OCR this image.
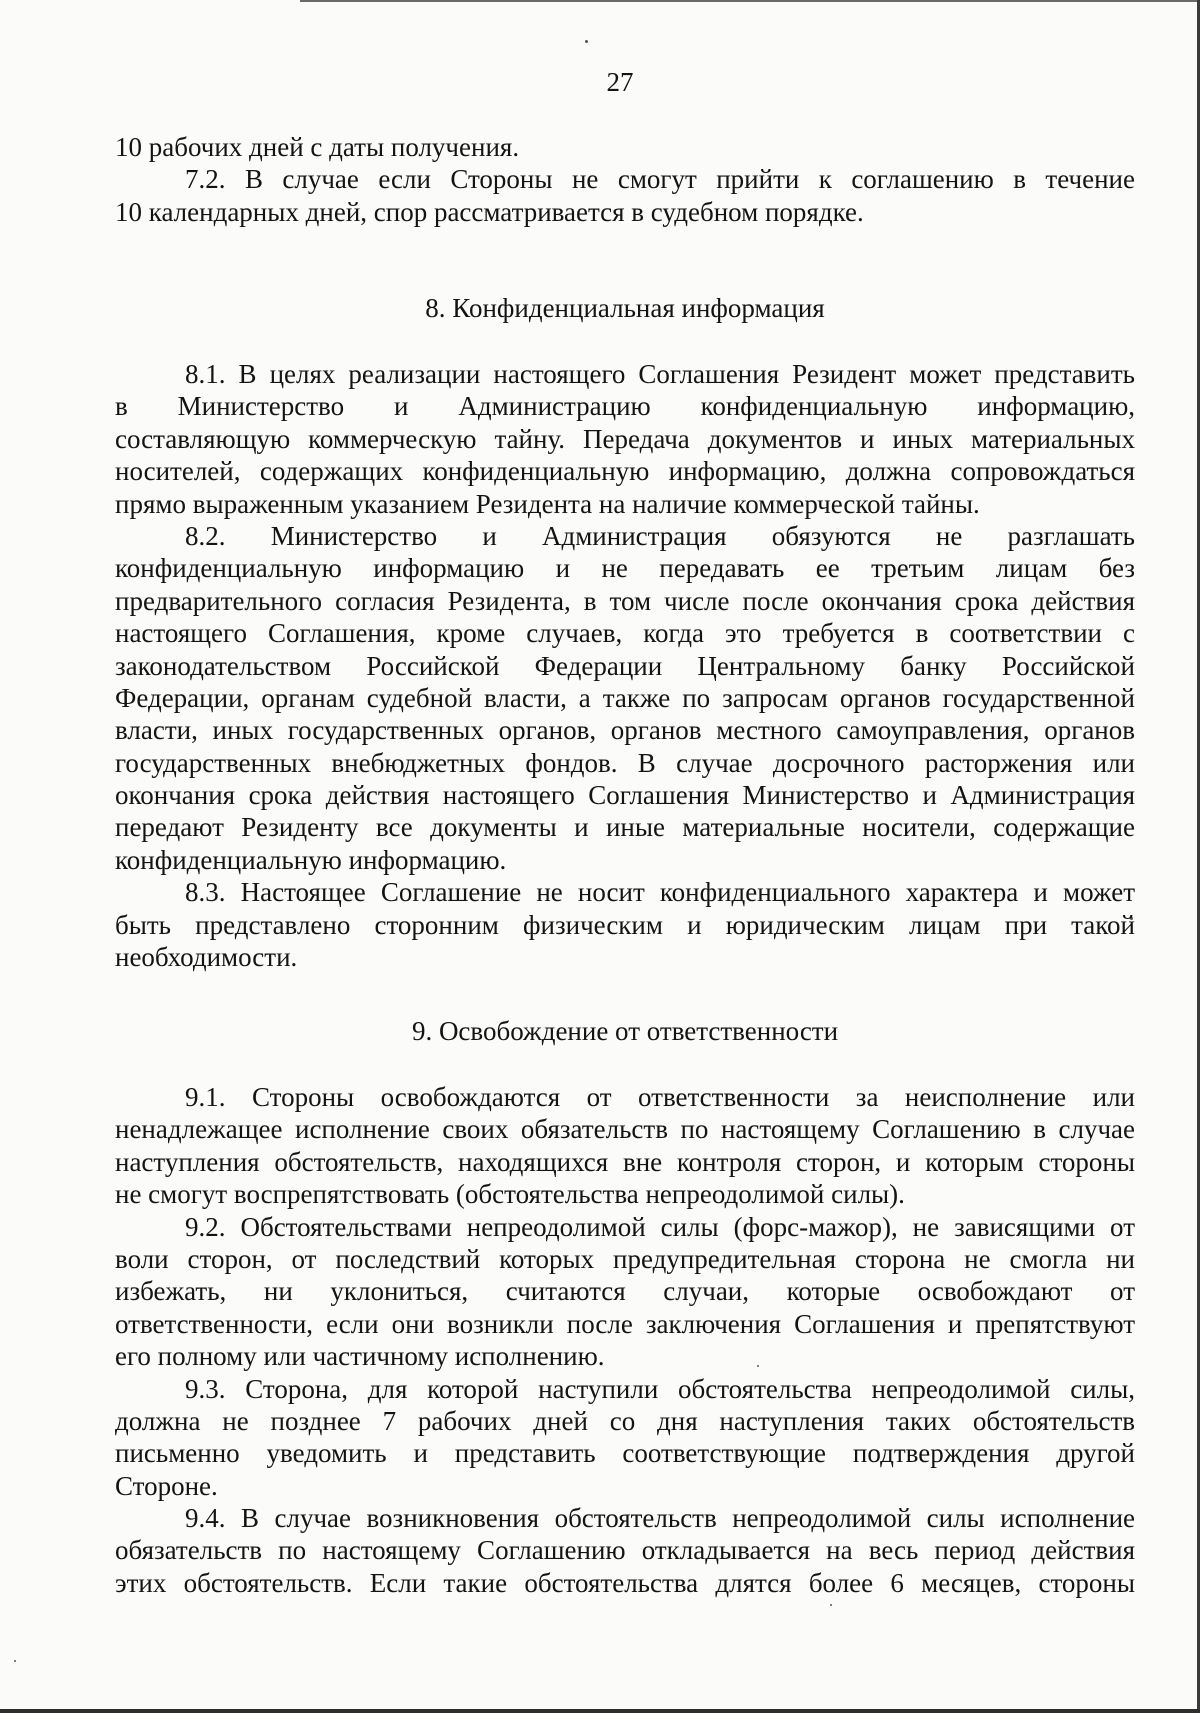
27
10 рабочих дней с даты получения.
7.2. В случае если Стороны не смогут прийти к соглашению в течение
10 календарных дней, спор рассматривается в судебном порядке.
8. Конфиденциальная информация
8.1. В целях реализации настоящего Соглашения Резидент может представить
в Министерство и Администрацию конфиденциальную информацию,
составляющую коммерческую тайну. Передача документов и иных материальных
носителей, содержащих конфиденциальную информацию, должна сопровождаться
прямо выраженным указанием Резидента на наличие коммерческой тайны.
8.2. Министерство и Администрация обязуются не разглашать
конфиденциальную информацию и не передавать ее третьим лицам без
предварительного согласия Резидента, в том числе после окончания срока действия
настоящего Соглашения, кроме случаев, когда это требуется в соответствии с
законодательством Российской Федерации Центральному банку Российской
Федерации, органам судебной власти, а также по запросам органов государственной
власти, иных государственных органов, органов местного самоуправления, органов
государственных внебюджетных фондов. В случае досрочного расторжения или
окончания срока действия настоящего Соглашения Министерство и Администрация
передают Резиденту все документы и иные материальные носители, содержащие
конфиденциальную информацию.
8.3. Настоящее Соглашение не носит конфиденциального характера и может
быть представлено сторонним физическим и юридическим лицам при такой
необходимости.
9. Освобождение от ответственности
9.1. Стороны освобождаются от ответственности за неисполнение или
ненадлежащее исполнение своих обязательств по настоящему Соглашению в случае
наступления обстоятельств, находящихся вне контроля сторон, и которым стороны
не смогут воспрепятствовать (обстоятельства непреодолимой силы).
9.2. Обстоятельствами непреодолимой силы (форс-мажор), не зависящими от
воли сторон, от последствий которых предупредительная сторона не смогла ни
избежать, ни уклониться, считаются случаи, которые освобождают от
ответственности, если они возникли после заключения Соглашения и препятствуют
его полному или частичному исполнению.
9.3. Сторона, для которой наступили обстоятельства непреодолимой силы,
должна не позднее 7 рабочих дней со дня наступления таких обстоятельств
письменно уведомить и представить соответствующие подтверждения другой
Стороне.
9.4. В случае возникновения обстоятельств непреодолимой силы исполнение
обязательств по настоящему Соглашению откладывается на весь период действия
этих обстоятельств. Если такие обстоятельства длятся более 6 месяцев, стороны
